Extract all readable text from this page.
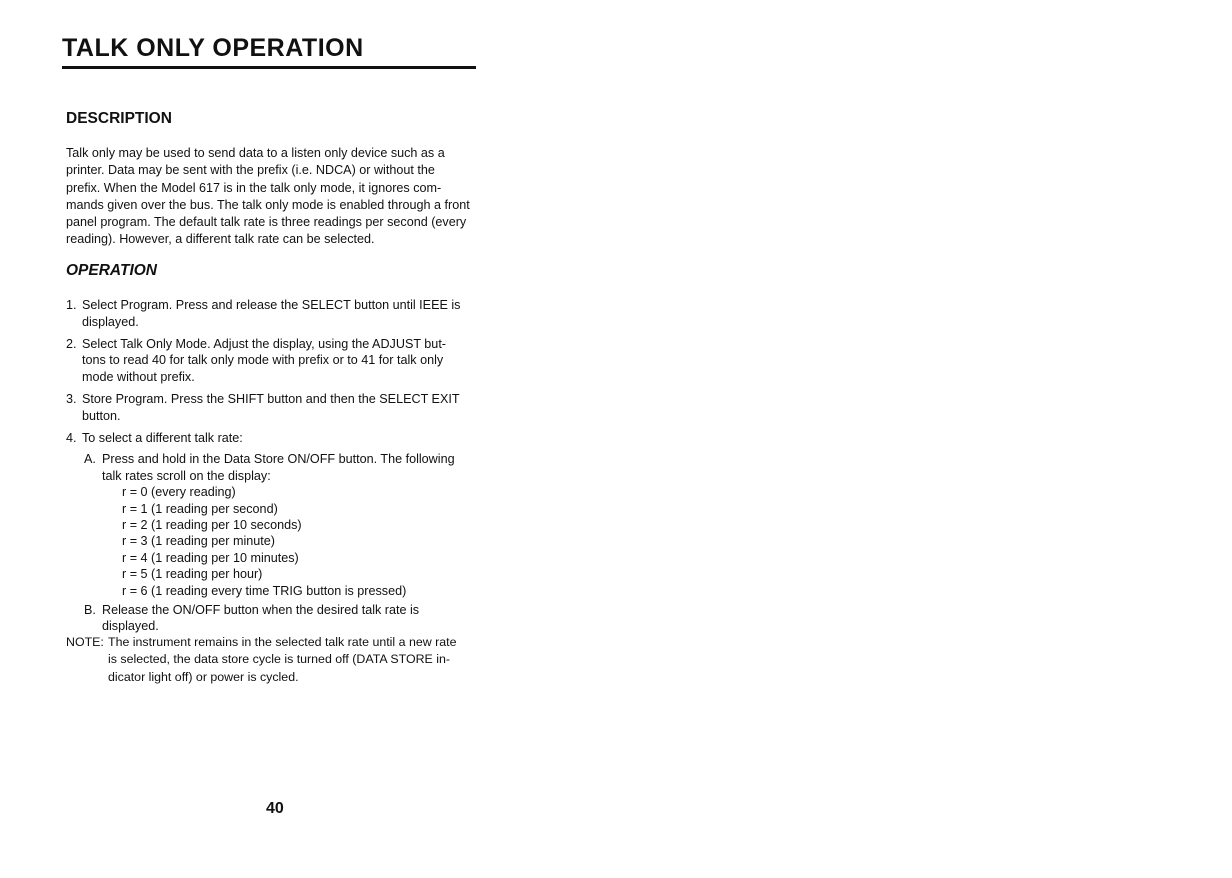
TALK ONLY OPERATION
DESCRIPTION

Talk only may be used to send data to a listen only device such as a
printer. Data may be sent with the prefix (i.e. NDCA) or without the
prefix. When the Model 617 is in the talk only mode, it ignores com-
mands given over the bus. The talk only mode is enabled through a front
panel program. The default talk rate is three readings per second (every
reading). However, a different talk rate can be selected.

OPERATION
1. Select Program. Press and release the SELECT button until IEEE is
displayed.
2. Select Talk Only Mode. Adjust the display, using the ADJUST but-
tons to read 40 for talk only mode with prefix or to 41 for talk only
mode without prefix.
3. Store Program. Press the SHIFT button and then the SELECT EXIT
button.
4. To select a different talk rate:
A. Press and hold in the Data Store ON/OFF button. The following
talk rates scroll on the display:
r = 0 (every reading)
r = 1 (1 reading per second)
r = 2 (1 reading per 10 seconds)
r = 3 (1 reading per minute)
r = 4 (1 reading per 10 minutes)
r = 5 (1 reading per hour)
r = 6 (1 reading every time TRIG button is pressed)
B. Release the ON/OFF button when the desired talk rate is
displayed.
NOTE: The instrument remains in the selected talk rate until a new rate
is selected, the data store cycle is turned off (DATA STORE in-
dicator light off) or power is cycled.
40
